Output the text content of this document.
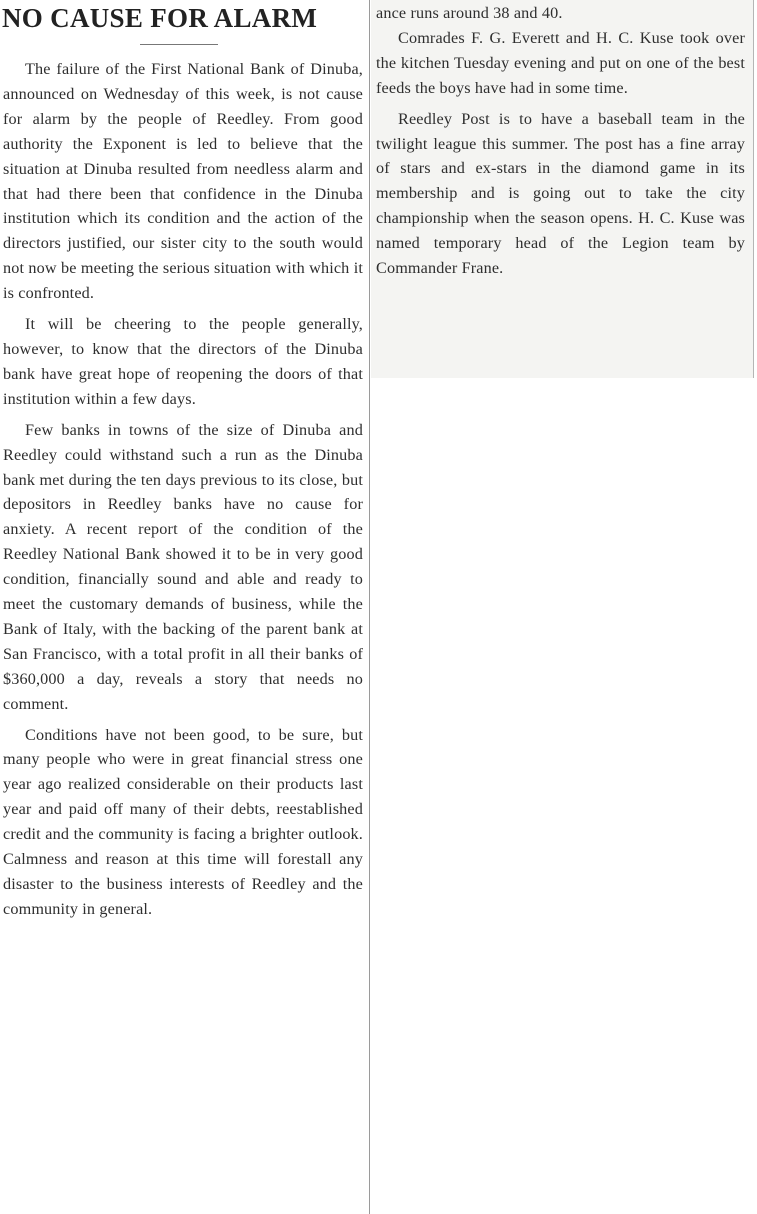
NO CAUSE FOR ALARM

The failure of the First National Bank of Dinuba, announced on Wednesday of this week, is not cause for alarm by the people of Reedley. From good authority the Exponent is led to believe that the situation at Dinuba resulted from needless alarm and that had there been that confidence in the Dinuba institution which its condition and the action of the directors justified, our sister city to the south would not now be meeting the serious situation with which it is confronted.

It will be cheering to the people generally, however, to know that the directors of the Dinuba bank have great hope of reopening the doors of that institution within a few days.

Few banks in towns of the size of Dinuba and Reedley could withstand such a run as the Dinuba bank met during the ten days previous to its close, but depositors in Reedley banks have no cause for anxiety. A recent report of the condition of the Reedley National Bank showed it to be in very good condition, financially sound and able and ready to meet the customary demands of business, while the Bank of Italy, with the backing of the parent bank at San Francisco, with a total profit in all their banks of $360,000 a day, reveals a story that needs no comment.

Conditions have not been good, to be sure, but many people who were in great financial stress one year ago realized considerable on their products last year and paid off many of their debts, reestablished credit and the community is facing a brighter outlook. Calmness and reason at this time will forestall any disaster to the business interests of Reedley and the community in general.

ance runs around 38 and 40.

Comrades F. G. Everett and H. C. Kuse took over the kitchen Tuesday evening and put on one of the best feeds the boys have had in some time.

Reedley Post is to have a baseball team in the twilight league this summer. The post has a fine array of stars and ex-stars in the diamond game in its membership and is going out to take the city championship when the season opens. H. C. Kuse was named temporary head of the Legion team by Commander Frane.
